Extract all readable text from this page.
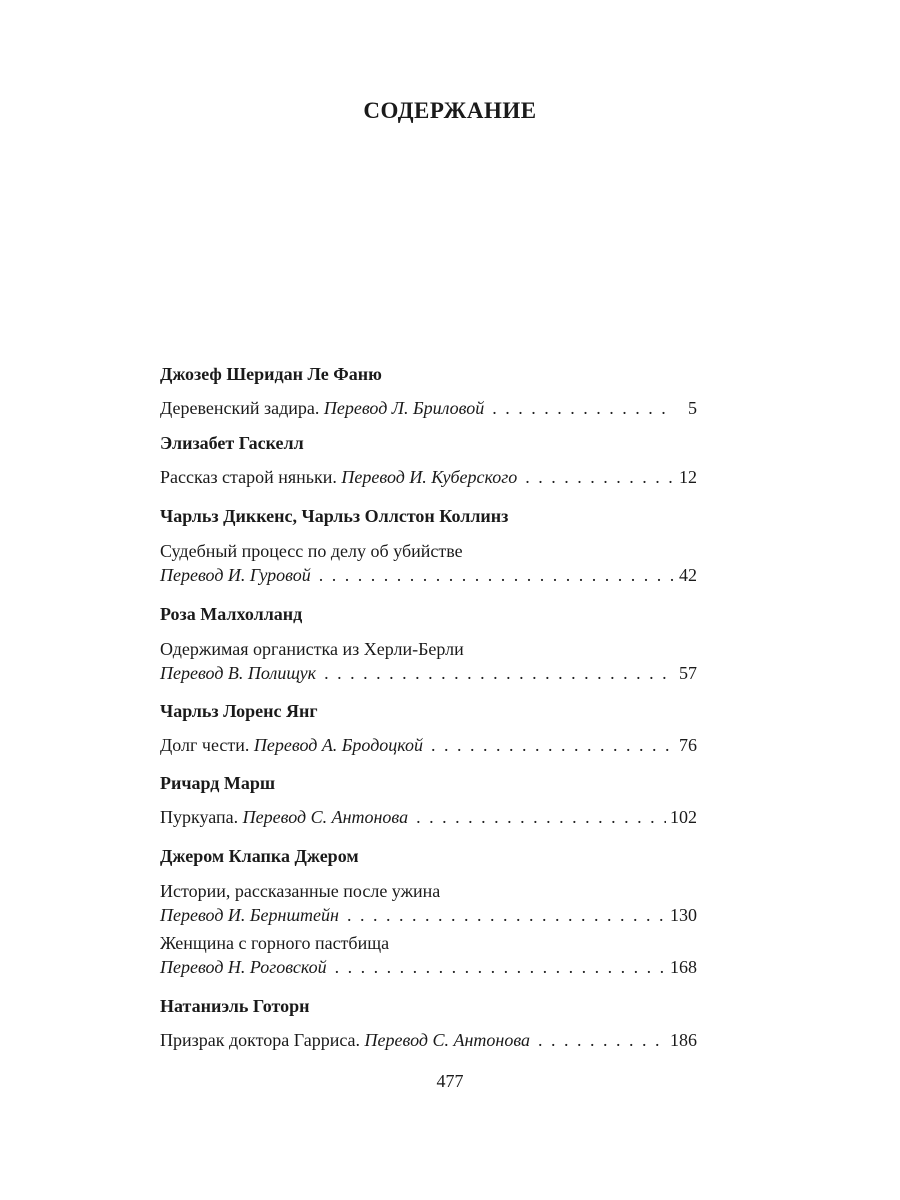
СОДЕРЖАНИЕ
Джозеф Шеридан Ле Фаню
Деревенский задира.
Перевод Л. Бриловой . . .	5
Элизабет Гаскелл
Рассказ старой няньки.
Перевод И. Куберского . . .	12
Чарльз Диккенс, Чарльз Оллстон Коллинз
Судебный процесс по делу об убийстве
Перевод И. Гуровой . . .	42
Роза Малхолланд
Одержимая органистка из Херли-Берли
Перевод В. Полищук . . .	57
Чарльз Лоренс Янг
Долг чести.
Перевод А. Бродоцкой . . .	76
Ричард Марш
Пуркуапа.
Перевод С. Антонова . . .	102
Джером Клапка Джером
Истории, рассказанные после ужина
Перевод И. Бернштейн . . .	130
Женщина с горного пастбища
Перевод Н. Роговской . . .	168
Натаниэль Готорн
Призрак доктора Гарриса.
Перевод С. Антонова . . .	186
477
